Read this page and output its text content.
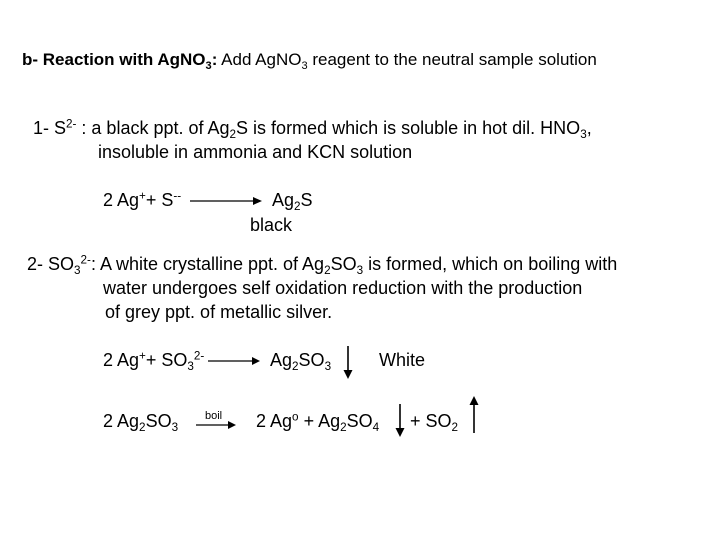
b- Reaction with AgNO$_3$: Add AgNO$_3$ reagent to the neutral sample solution
1- $S^{2-}$ : a black ppt. of $Ag_2S$ is formed which is soluble in hot dil. $HNO_3$,
insoluble in ammonia and KCN solution
2 Ag++ S--	$Ag_2S$
black
2- $SO_3^{2-}$: A white crystalline ppt. of $Ag_2SO_3$ is formed, which on boiling with
water undergoes self oxidation reduction with the production
of grey ppt. of metallic silver.
2 $Ag^++ SO_3^{2-}$	$Ag_2SO_3$	White
2 $Ag_2SO_3$
boil 2 $Ag^o + Ag_2SO_4 + SO_2$
